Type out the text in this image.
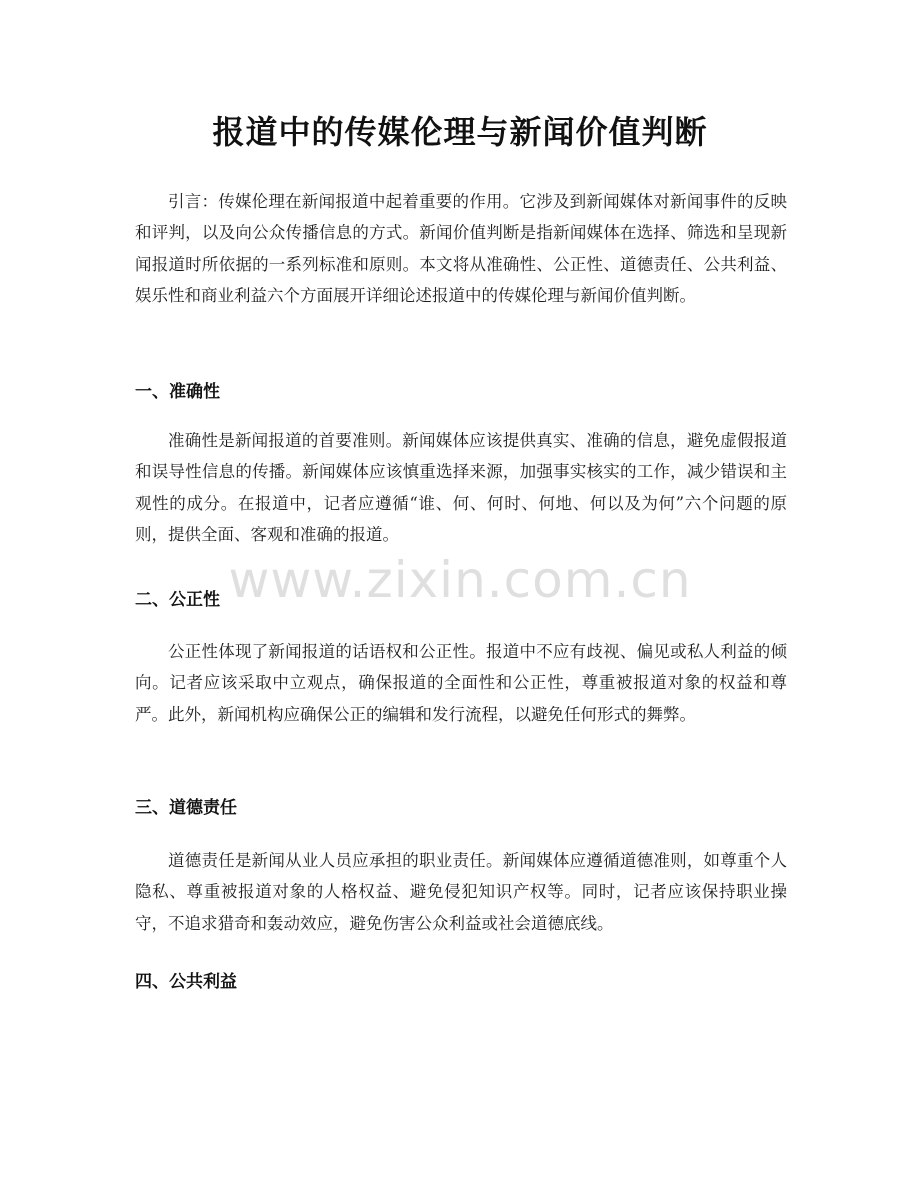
报道中的传媒伦理与新闻价值判断

引言：传媒伦理在新闻报道中起着重要的作用。它涉及到新闻媒体对新闻事件的反映和评判，以及向公众传播信息的方式。新闻价值判断是指新闻媒体在选择、筛选和呈现新闻报道时所依据的一系列标准和原则。本文将从准确性、公正性、道德责任、公共利益、娱乐性和商业利益六个方面展开详细论述报道中的传媒伦理与新闻价值判断。

一、准确性

准确性是新闻报道的首要准则。新闻媒体应该提供真实、准确的信息，避免虚假报道和误导性信息的传播。新闻媒体应该慎重选择来源，加强事实核实的工作，减少错误和主观性的成分。在报道中，记者应遵循“谁、何、何时、何地、何以及为何”六个问题的原则，提供全面、客观和准确的报道。

二、公正性

公正性体现了新闻报道的话语权和公正性。报道中不应有歧视、偏见或私人利益的倾向。记者应该采取中立观点，确保报道的全面性和公正性，尊重被报道对象的权益和尊严。此外，新闻机构应确保公正的编辑和发行流程，以避免任何形式的舞弊。

三、道德责任

道德责任是新闻从业人员应承担的职业责任。新闻媒体应遵循道德准则，如尊重个人隐私、尊重被报道对象的人格权益、避免侵犯知识产权等。同时，记者应该保持职业操守，不追求猎奇和轰动效应，避免伤害公众利益或社会道德底线。

四、公共利益
www.zixin.com.cn
